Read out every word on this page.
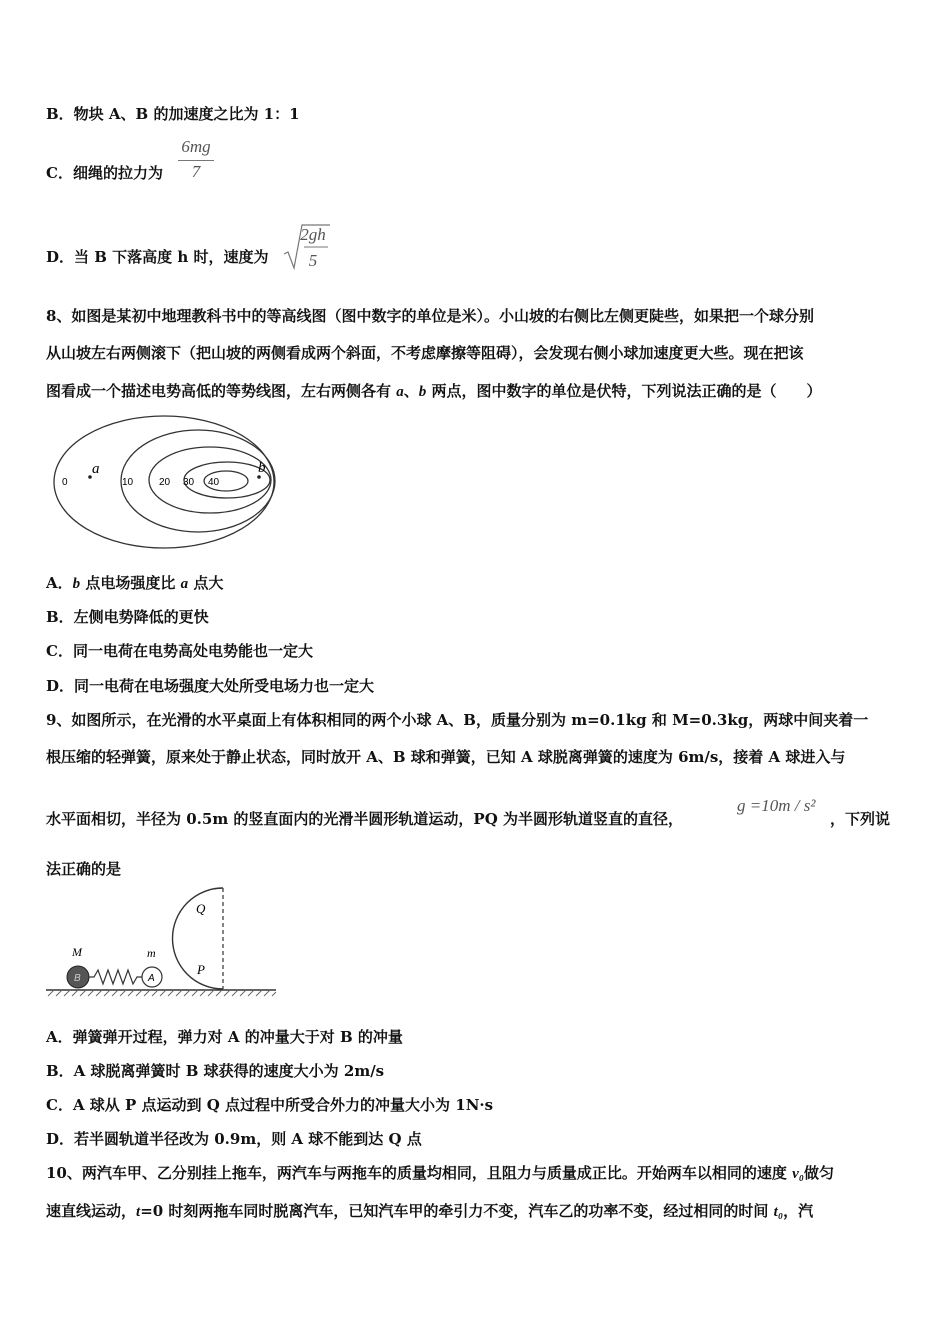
B．物块 A、B 的加速度之比为 1：1
C．细绳的拉力为
6mg
7
D．当 B 下落高度 h 时，速度为
2gh
5
8、如图是某初中地理教科书中的等高线图（图中数字的单位是米）。小山坡的右侧比左侧更陡些，如果把一个球分别
从山坡左右两侧滚下（把山坡的两侧看成两个斜面，不考虑摩擦等阻碍），会发现右侧小球加速度更大些。现在把该
图看成一个描述电势高低的等势线图，左右两侧各有 a、b 两点，图中数字的单位是伏特，下列说法正确的是（　　）
0	10	20 30 40
a	b
A．b 点电场强度比 a 点大
B．左侧电势降低的更快
C．同一电荷在电势高处电势能也一定大
D．同一电荷在电场强度大处所受电场力也一定大
9、如图所示，在光滑的水平桌面上有体积相同的两个小球 A、B，质量分别为 m=0.1kg 和 M=0.3kg，两球中间夹着一
根压缩的轻弹簧，原来处于静止状态，同时放开 A、B 球和弹簧，已知 A 球脱离弹簧的速度为 6m/s，接着 A 球进入与
水平面相切，半径为 0.5m 的竖直面内的光滑半圆形轨道运动，PQ 为半圆形轨道竖直的直径，
g =10m / s²
，下列说
法正确的是
B
M
A
m
Q
P
A．弹簧弹开过程，弹力对 A 的冲量大于对 B 的冲量
B．A 球脱离弹簧时 B 球获得的速度大小为 2m/s
C．A 球从 P 点运动到 Q 点过程中所受合外力的冲量大小为 1N·s
D．若半圆轨道半径改为 0.9m，则 A 球不能到达 Q 点
10、两汽车甲、乙分别挂上拖车，两汽车与两拖车的质量均相同，且阻力与质量成正比。开始两车以相同的速度 v₀做匀
速直线运动，t=0 时刻两拖车同时脱离汽车，已知汽车甲的牵引力不变，汽车乙的功率不变，经过相同的时间 t₀，汽
